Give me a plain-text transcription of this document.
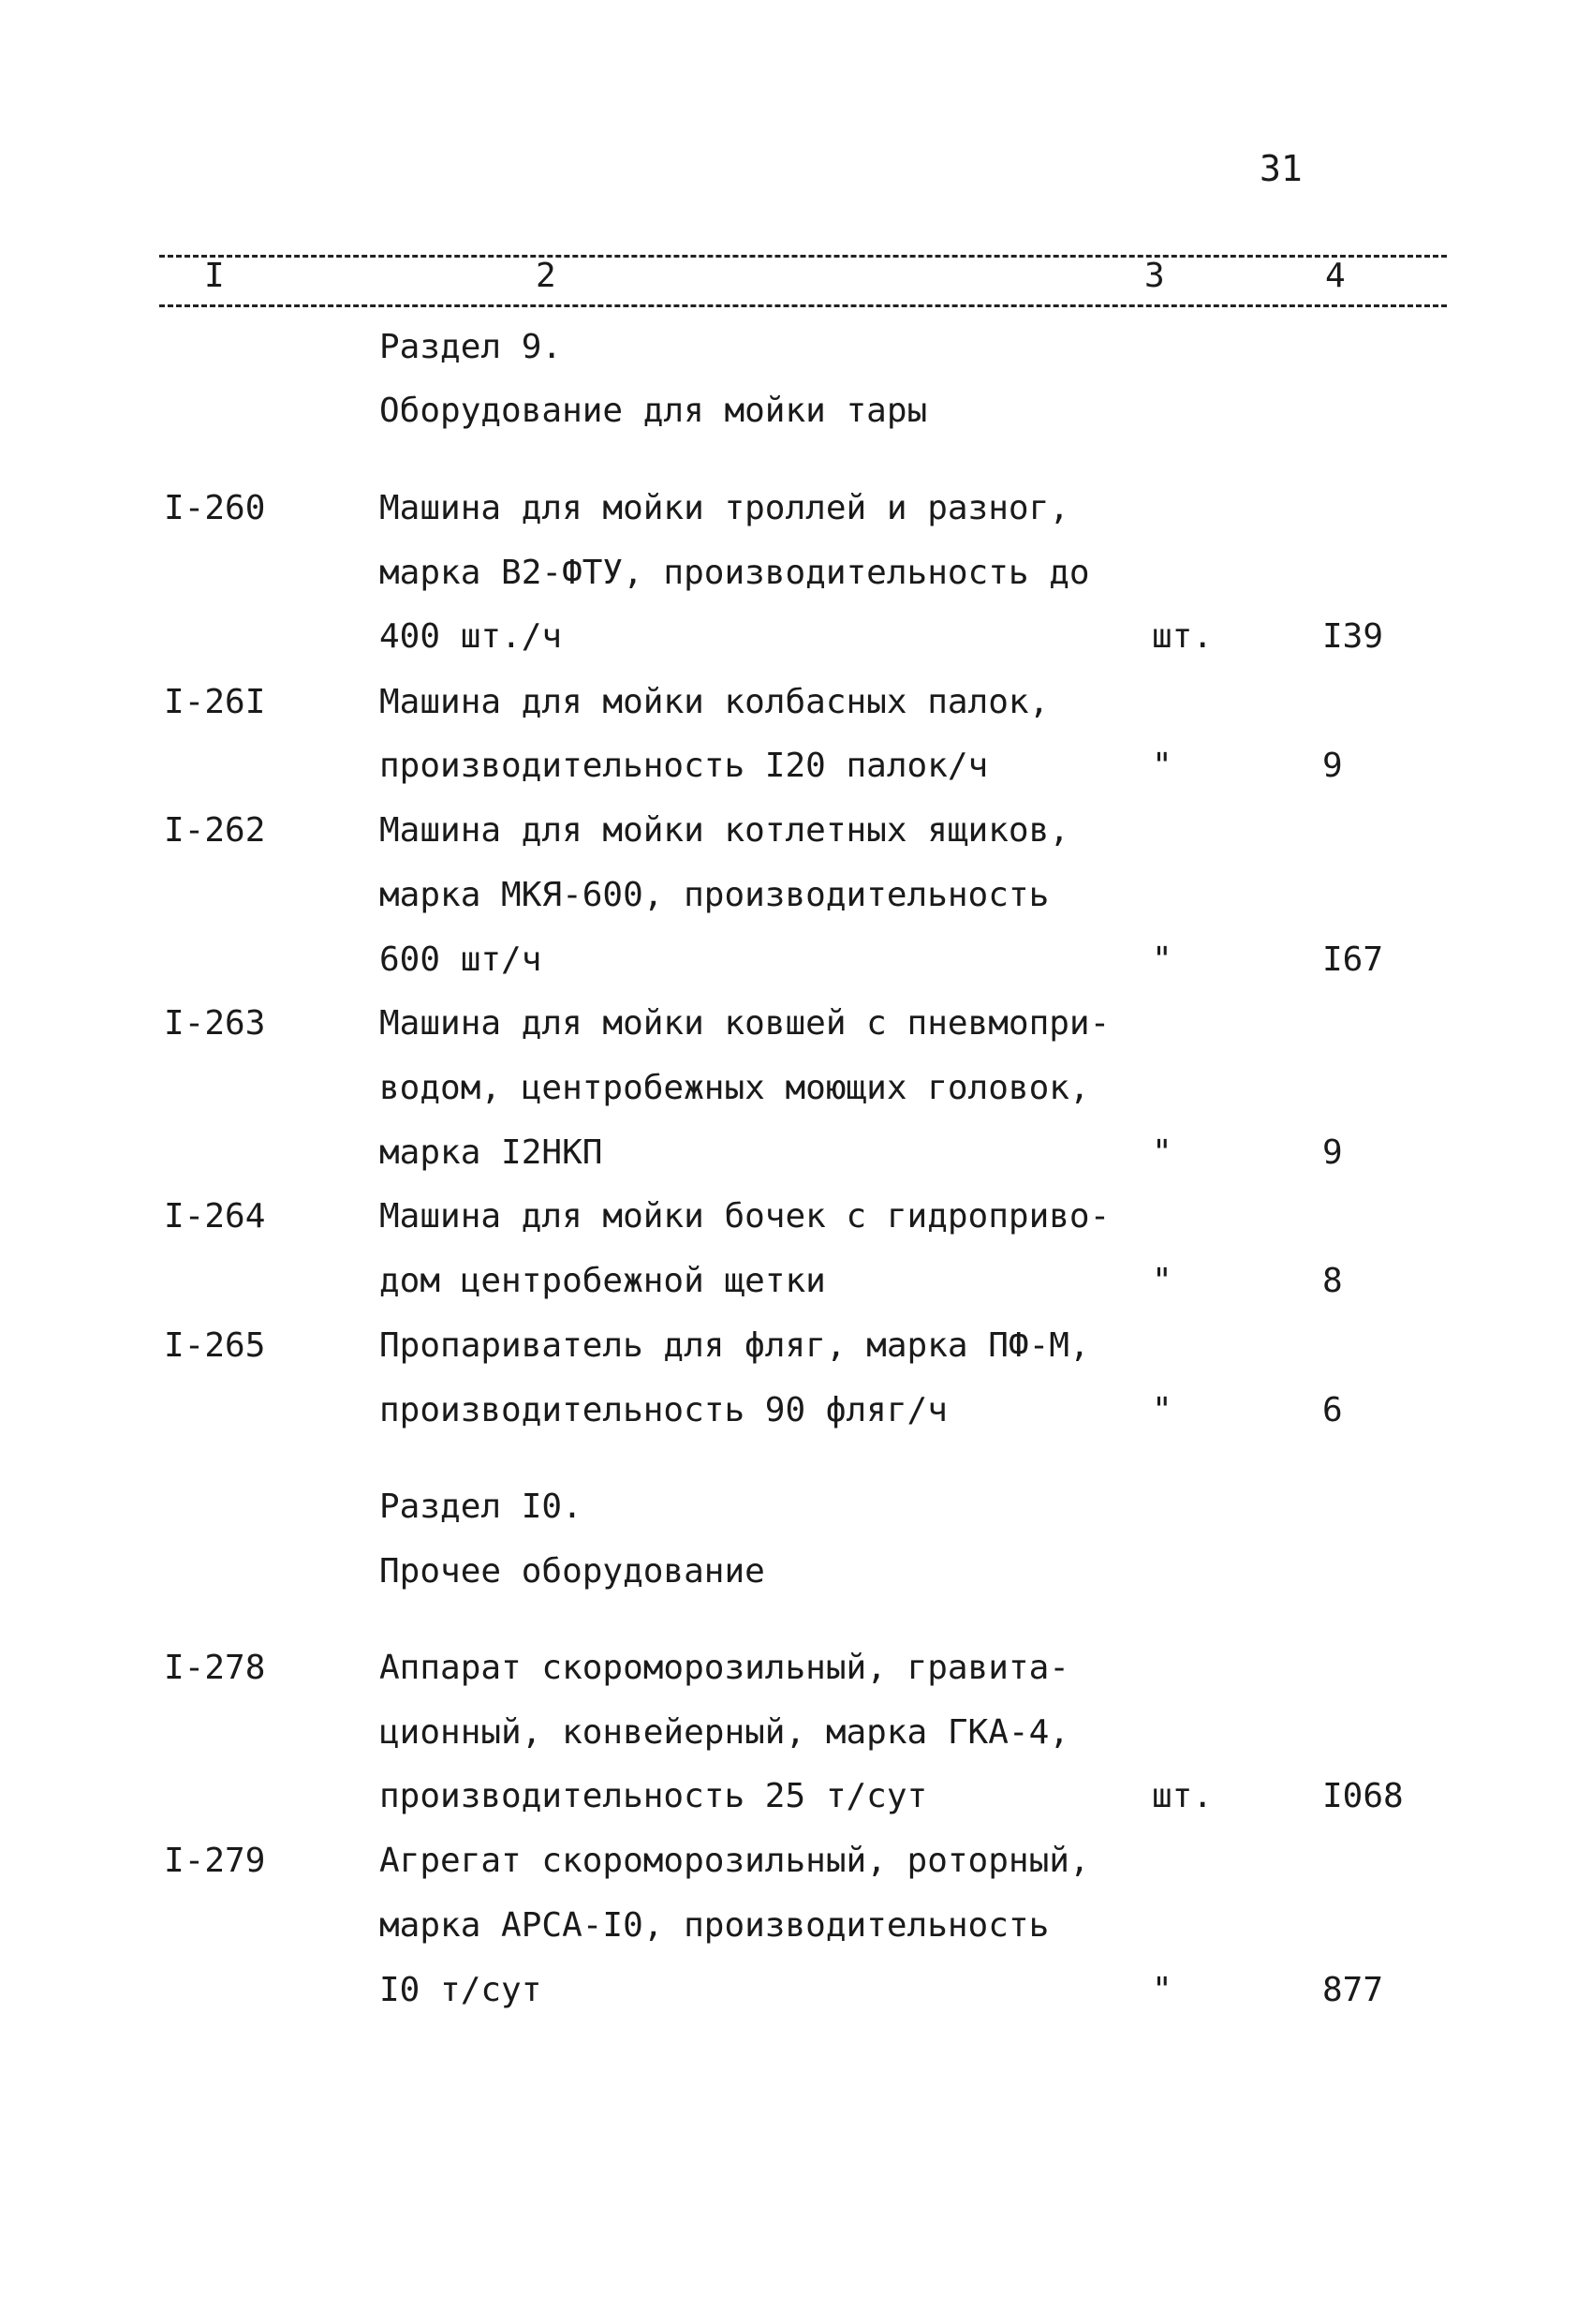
31
I	2	3	4
Раздел 9.
Оборудование для мойки тары
I-260	Машина для мойки троллей и разног,
марка В2-ФТУ, производительность до
400 шт./ч	шт.	I39
I-26I	Машина для мойки колбасных палок,
производительность I20 палок/ч	"	9
I-262	Машина для мойки котлетных ящиков,
марка МКЯ-600, производительность
600 шт/ч	"	I67
I-263	Машина для мойки ковшей с пневмопри-
водом, центробежных моющих головок,
марка I2НКП	"	9
I-264	Машина для мойки бочек с гидроприво-
дом центробежной щетки	"	8
I-265	Пропариватель для фляг, марка ПФ-М,
производительность 90 фляг/ч	"	6
Раздел I0.
Прочее оборудование
I-278	Аппарат скороморозильный, гравита-
ционный, конвейерный, марка ГКА-4,
производительность 25 т/сут	шт.	I068
I-279	Агрегат скороморозильный, роторный,
марка АРСА-I0, производительность
I0 т/сут	"	877
